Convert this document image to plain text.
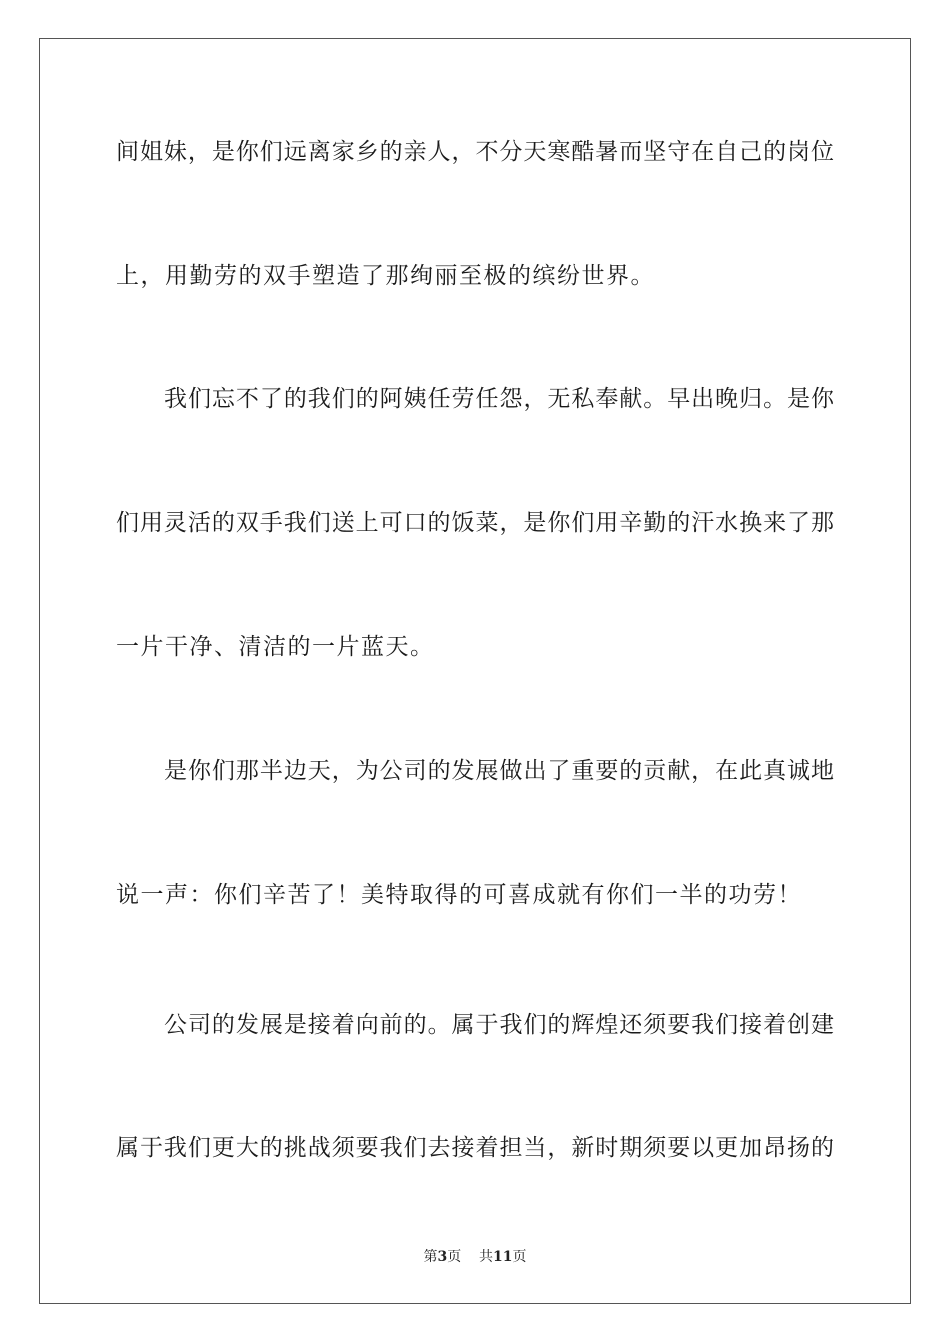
间姐妹，是你们远离家乡的亲人，不分天寒酷暑而坚守在自己的岗位
上，用勤劳的双手塑造了那绚丽至极的缤纷世界。
我们忘不了的我们的阿姨任劳任怨，无私奉献。早出晚归。是你
们用灵活的双手我们送上可口的饭菜，是你们用辛勤的汗水换来了那
一片干净、清洁的一片蓝天。
是你们那半边天，为公司的发展做出了重要的贡献，在此真诚地
说一声：你们辛苦了！美特取得的可喜成就有你们一半的功劳！
公司的发展是接着向前的。属于我们的辉煌还须要我们接着创建
属于我们更大的挑战须要我们去接着担当，新时期须要以更加昂扬的
第3页 共11页
